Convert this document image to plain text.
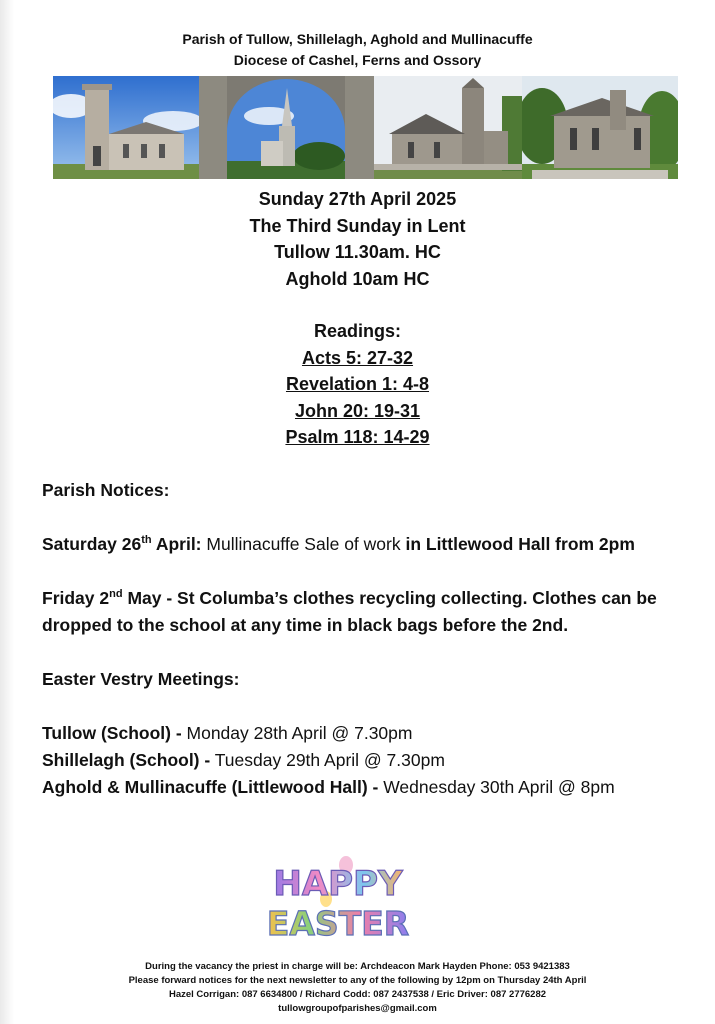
Parish of Tullow, Shillelagh, Aghold and Mullinacuffe
Diocese of Cashel, Ferns and Ossory
Sunday 27th April 2025
The Third Sunday in Lent
Tullow 11.30am. HC
Aghold 10am HC
Readings:
Acts 5: 27-32
Revelation 1: 4-8
John 20: 19-31
Psalm 118: 14-29
Parish Notices:
Saturday 26th April: Mullinacuffe Sale of work in Littlewood Hall from 2pm
Friday 2nd May - St Columba’s clothes recycling collecting. Clothes can be dropped to the school at any time in black bags before the 2nd.
Easter Vestry Meetings:
Tullow (School) - Monday 28th April @ 7.30pm
Shillelagh (School) - Tuesday 29th April @ 7.30pm
Aghold & Mullinacuffe (Littlewood Hall) - Wednesday 30th April @ 8pm
HAPPY
EASTER
During the vacancy the priest in charge will be: Archdeacon Mark Hayden Phone: 053 9421383
Please forward notices for the next newsletter to any of the following by 12pm on Thursday 24th April
Hazel Corrigan: 087 6634800 / Richard Codd: 087 2437538 / Eric Driver: 087 2776282
tullowgroupofparishes@gmail.com
